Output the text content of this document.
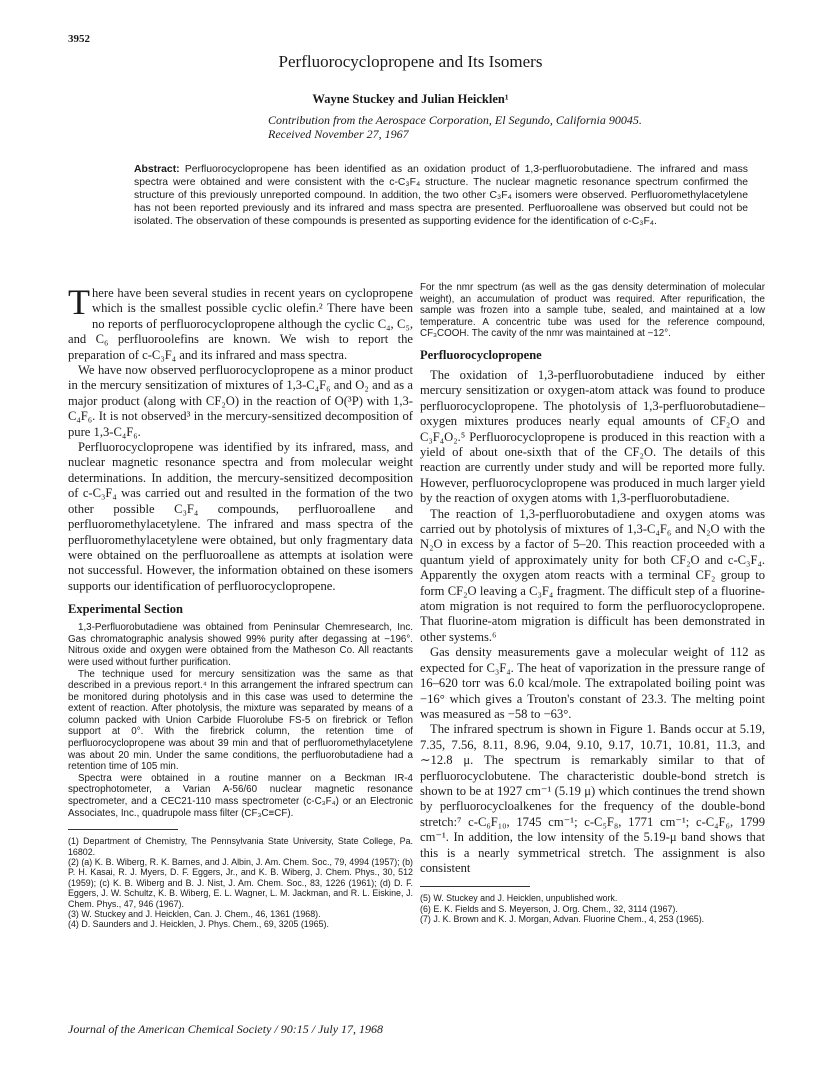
3952
Perfluorocyclopropene and Its Isomers
Wayne Stuckey and Julian Heicklen¹
Contribution from the Aerospace Corporation, El Segundo, California 90045.
Received November 27, 1967
Abstract: Perfluorocyclopropene has been identified as an oxidation product of 1,3-perfluorobutadiene. The infrared and mass spectra were obtained and were consistent with the c-C₃F₄ structure. The nuclear magnetic resonance spectrum confirmed the structure of this previously unreported compound. In addition, the two other C₃F₄ isomers were observed. Perfluoromethylacetylene has not been reported previously and its infrared and mass spectra are presented. Perfluoroallene was observed but could not be isolated. The observation of these compounds is presented as supporting evidence for the identification of c-C₃F₄.

There have been several studies in recent years on cyclopropene which is the smallest possible cyclic olefin.² There have been no reports of perfluorocyclopropene although the cyclic C₄, C₅, and C₆ perfluoroolefins are known. We wish to report the preparation of c-C₃F₄ and its infrared and mass spectra.

We have now observed perfluorocyclopropene as a minor product in the mercury sensitization of mixtures of 1,3-C₄F₆ and O₂ and as a major product (along with CF₂O) in the reaction of O(³P) with 1,3-C₄F₆. It is not observed³ in the mercury-sensitized decomposition of pure 1,3-C₄F₆.

Perfluorocyclopropene was identified by its infrared, mass, and nuclear magnetic resonance spectra and from molecular weight determinations. In addition, the mercury-sensitized decomposition of c-C₃F₄ was carried out and resulted in the formation of the two other possible C₃F₄ compounds, perfluoroallene and perfluoromethylacetylene. The infrared and mass spectra of the perfluoromethylacetylene were obtained, but only fragmentary data were obtained on the perfluoroallene as attempts at isolation were not successful. However, the information obtained on these isomers supports our identification of perfluorocyclopropene.

Experimental Section

1,3-Perfluorobutadiene was obtained from Peninsular Chemresearch, Inc. Gas chromatographic analysis showed 99% purity after degassing at −196°. Nitrous oxide and oxygen were obtained from the Matheson Co. All reactants were used without further purification.

The technique used for mercury sensitization was the same as that described in a previous report.⁴ In this arrangement the infrared spectrum can be monitored during photolysis and in this case was used to determine the extent of reaction. After photolysis, the mixture was separated by means of a column packed with Union Carbide Fluorolube FS-5 on firebrick or Teflon support at 0°. With the firebrick column, the retention time of perfluorocyclopropene was about 39 min and that of perfluoromethylacetylene was about 20 min. Under the same conditions, the perfluorobutadiene had a retention time of 105 min.

Spectra were obtained in a routine manner on a Beckman IR-4 spectrophotometer, a Varian A-56/60 nuclear magnetic resonance spectrometer, and a CEC21-110 mass spectrometer (c-C₃F₄) or an Electronic Associates, Inc., quadrupole mass filter (CF₃C≡CF).

(1) Department of Chemistry, The Pennsylvania State University, State College, Pa. 16802.

(2) (a) K. B. Wiberg, R. K. Barnes, and J. Albin, J. Am. Chem. Soc., 79, 4994 (1957); (b) P. H. Kasai, R. J. Myers, D. F. Eggers, Jr., and K. B. Wiberg, J. Chem. Phys., 30, 512 (1959); (c) K. B. Wiberg and B. J. Nist, J. Am. Chem. Soc., 83, 1226 (1961); (d) D. F. Eggers, J. W. Schultz, K. B. Wiberg, E. L. Wagner, L. M. Jackman, and R. L. Eiskine, J. Chem. Phys., 47, 946 (1967).

(3) W. Stuckey and J. Heicklen, Can. J. Chem., 46, 1361 (1968).

(4) D. Saunders and J. Heicklen, J. Phys. Chem., 69, 3205 (1965).

For the nmr spectrum (as well as the gas density determination of molecular weight), an accumulation of product was required. After repurification, the sample was frozen into a sample tube, sealed, and maintained at a low temperature. A concentric tube was used for the reference compound, CF₃COOH. The cavity of the nmr was maintained at −12°.

Perfluorocyclopropene

The oxidation of 1,3-perfluorobutadiene induced by either mercury sensitization or oxygen-atom attack was found to produce perfluorocyclopropene. The photolysis of 1,3-perfluorobutadiene–oxygen mixtures produces nearly equal amounts of CF₂O and C₃F₄O₂.⁵ Perfluorocyclopropene is produced in this reaction with a yield of about one-sixth that of the CF₂O. The details of this reaction are currently under study and will be reported more fully. However, perfluorocyclopropene was produced in much larger yield by the reaction of oxygen atoms with 1,3-perfluorobutadiene.

The reaction of 1,3-perfluorobutadiene and oxygen atoms was carried out by photolysis of mixtures of 1,3-C₄F₆ and N₂O with the N₂O in excess by a factor of 5–20. This reaction proceeded with a quantum yield of approximately unity for both CF₂O and c-C₃F₄. Apparently the oxygen atom reacts with a terminal CF₂ group to form CF₂O leaving a C₃F₄ fragment. The difficult step of a fluorine-atom migration is not required to form the perfluorocyclopropene. That fluorine-atom migration is difficult has been demonstrated in other systems.⁶

Gas density measurements gave a molecular weight of 112 as expected for C₃F₄. The heat of vaporization in the pressure range of 16–620 torr was 6.0 kcal/mole. The extrapolated boiling point was −16° which gives a Trouton's constant of 23.3. The melting point was measured as −58 to −63°.

The infrared spectrum is shown in Figure 1. Bands occur at 5.19, 7.35, 7.56, 8.11, 8.96, 9.04, 9.10, 9.17, 10.71, 10.81, 11.3, and ∼12.8 μ. The spectrum is remarkably similar to that of perfluorocyclobutene. The characteristic double-bond stretch is shown to be at 1927 cm⁻¹ (5.19 μ) which continues the trend shown by perfluorocycloalkenes for the frequency of the double-bond stretch:⁷ c-C₆F₁₀, 1745 cm⁻¹; c-C₅F₈, 1771 cm⁻¹; c-C₄F₆, 1799 cm⁻¹. In addition, the low intensity of the 5.19-μ band shows that this is a nearly symmetrical stretch. The assignment is also consistent

(5) W. Stuckey and J. Heicklen, unpublished work.

(6) E. K. Fields and S. Meyerson, J. Org. Chem., 32, 3114 (1967).

(7) J. K. Brown and K. J. Morgan, Advan. Fluorine Chem., 4, 253 (1965).

Journal of the American Chemical Society / 90:15 / July 17, 1968
